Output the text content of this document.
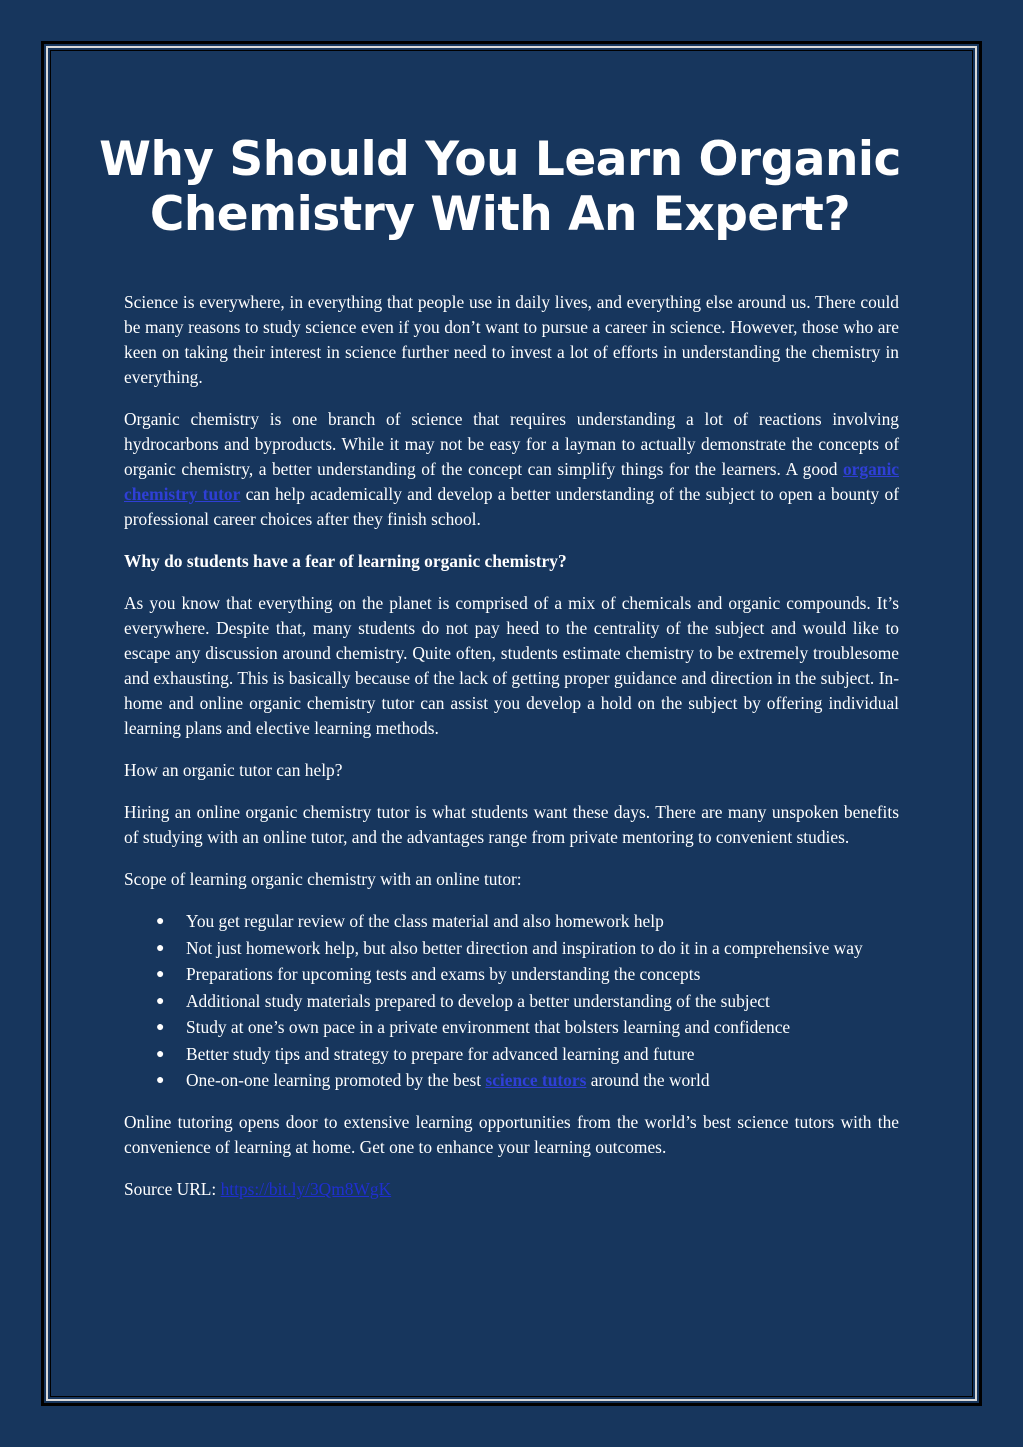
Why Should You Learn Organic Chemistry With An Expert?

Science is everywhere, in everything that people use in daily lives, and everything else around us. There could be many reasons to study science even if you don’t want to pursue a career in science. However, those who are keen on taking their interest in science further need to invest a lot of efforts in understanding the chemistry in everything.

Organic chemistry is one branch of science that requires understanding a lot of reactions involving hydrocarbons and byproducts. While it may not be easy for a layman to actually demonstrate the concepts of organic chemistry, a better understanding of the concept can simplify things for the learners. A good organic chemistry tutor can help academically and develop a better understanding of the subject to open a bounty of professional career choices after they finish school.

Why do students have a fear of learning organic chemistry?

As you know that everything on the planet is comprised of a mix of chemicals and organic compounds. It’s everywhere. Despite that, many students do not pay heed to the centrality of the subject and would like to escape any discussion around chemistry. Quite often, students estimate chemistry to be extremely troublesome and exhausting. This is basically because of the lack of getting proper guidance and direction in the subject. In-home and online organic chemistry tutor can assist you develop a hold on the subject by offering individual learning plans and elective learning methods.

How an organic tutor can help?

Hiring an online organic chemistry tutor is what students want these days. There are many unspoken benefits of studying with an online tutor, and the advantages range from private mentoring to convenient studies.

Scope of learning organic chemistry with an online tutor:

● You get regular review of the class material and also homework help
● Not just homework help, but also better direction and inspiration to do it in a comprehensive way
● Preparations for upcoming tests and exams by understanding the concepts
● Additional study materials prepared to develop a better understanding of the subject
● Study at one’s own pace in a private environment that bolsters learning and confidence
● Better study tips and strategy to prepare for advanced learning and future
● One-on-one learning promoted by the best science tutors around the world

Online tutoring opens door to extensive learning opportunities from the world’s best science tutors with the convenience of learning at home. Get one to enhance your learning outcomes.

Source URL: https://bit.ly/3Qm8WgK
